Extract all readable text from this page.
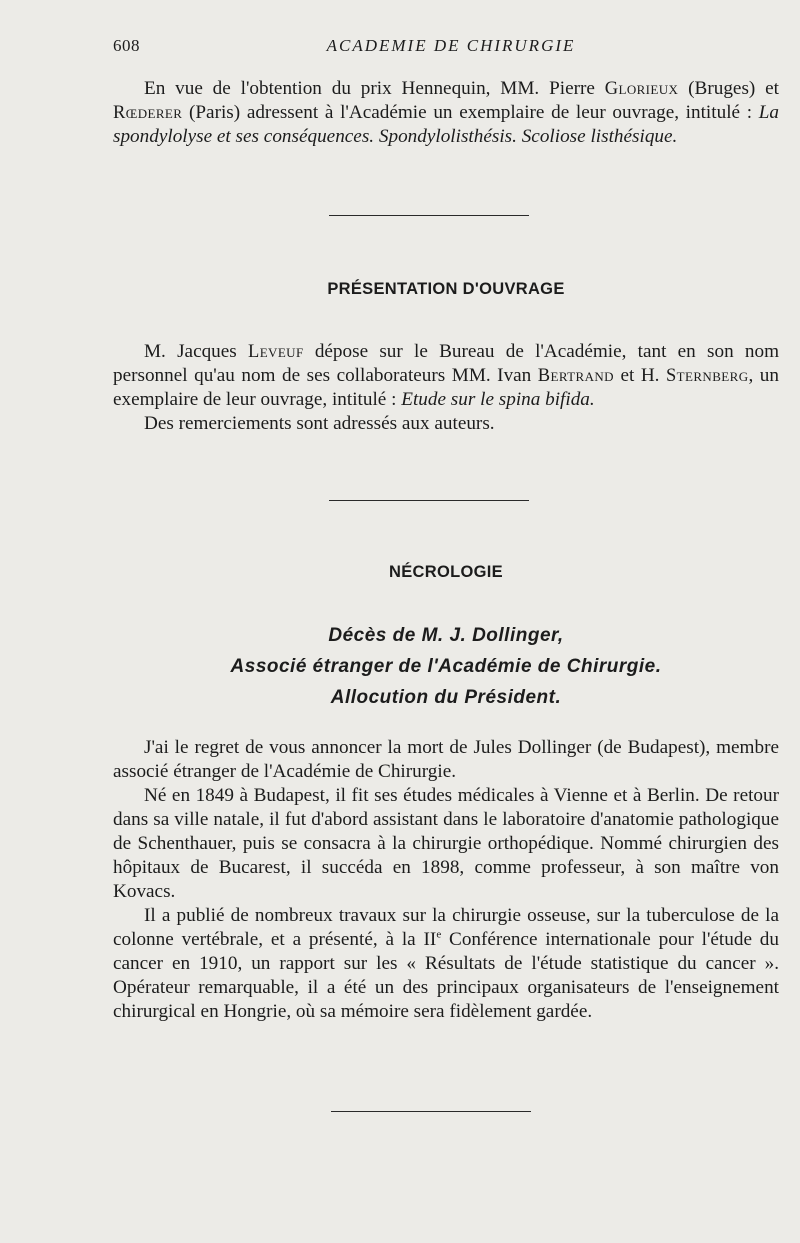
608	ACADEMIE DE CHIRURGIE

En vue de l'obtention du prix Hennequin, MM. Pierre Glorieux (Bruges) et Rœderer (Paris) adressent à l'Académie un exemplaire de leur ouvrage, intitulé : La spondylolyse et ses conséquences. Spondylolisthésis. Scoliose listhésique.

PRÉSENTATION D'OUVRAGE

M. Jacques Leveuf dépose sur le Bureau de l'Académie, tant en son nom personnel qu'au nom de ses collaborateurs MM. Ivan Bertrand et H. Sternberg, un exemplaire de leur ouvrage, intitulé : Etude sur le spina bifida.

Des remerciements sont adressés aux auteurs.

NÉCROLOGIE
Décès de M. J. Dollinger,
Associé étranger de l'Académie de Chirurgie.
Allocution du Président.

J'ai le regret de vous annoncer la mort de Jules Dollinger (de Budapest), membre associé étranger de l'Académie de Chirurgie.

Né en 1849 à Budapest, il fit ses études médicales à Vienne et à Berlin. De retour dans sa ville natale, il fut d'abord assistant dans le laboratoire d'anatomie pathologique de Schenthauer, puis se consacra à la chirurgie orthopédique. Nommé chirurgien des hôpitaux de Bucarest, il succéda en 1898, comme professeur, à son maître von Kovacs.

Il a publié de nombreux travaux sur la chirurgie osseuse, sur la tuberculose de la colonne vertébrale, et a présenté, à la IIe Conférence internationale pour l'étude du cancer en 1910, un rapport sur les « Résultats de l'étude statistique du cancer ». Opérateur remarquable, il a été un des principaux organisateurs de l'enseignement chirurgical en Hongrie, où sa mémoire sera fidèlement gardée.
